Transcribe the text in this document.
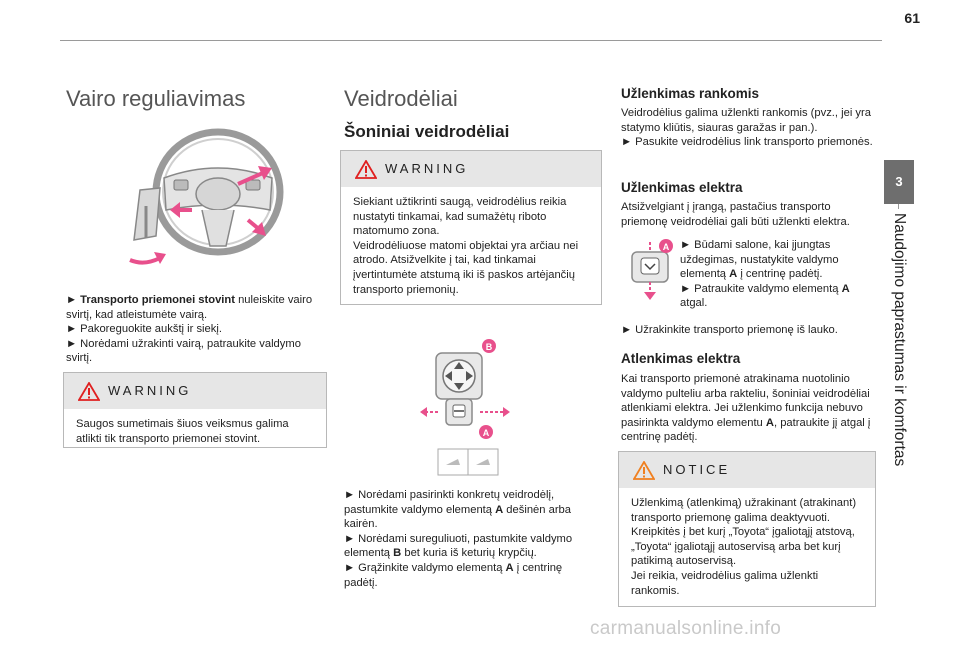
61
3
Naudojimo paprastumas ir komfortas
Vairo reguliavimas

► Transporto priemonei stovint nuleiskite vairo svirtį, kad atleistumėte vairą.

► Pakoreguokite aukštį ir siekį.

► Norėdami užrakinti vairą, patraukite valdymo svirtį.

WARNING
Saugos sumetimais šiuos veiksmus galima atlikti tik transporto priemonei stovint.
Veidrodėliai
Šoniniai veidrodėliai
WARNING
Siekiant užtikrinti saugą, veidrodėlius reikia nustatyti tinkamai, kad sumažėtų riboto matomumo zona.
Veidrodėliuose matomi objektai yra arčiau nei atrodo. Atsižvelkite į tai, kad tinkamai įvertintumėte atstumą iki iš paskos artėjančių transporto priemonių.
B
A

► Norėdami pasirinkti konkretų veidrodėlį, pastumkite valdymo elementą A dešinėn arba kairėn.

► Norėdami sureguliuoti, pastumkite valdymo elementą B bet kuria iš keturių krypčių.

► Grąžinkite valdymo elementą A į centrinę padėtį.

Užlenkimas rankomis

Veidrodėlius galima užlenkti rankomis (pvz., jei yra statymo kliūtis, siauras garažas ir pan.).

► Pasukite veidrodėlius link transporto priemonės.

Užlenkimas elektra

Atsižvelgiant į įrangą, pastačius transporto priemonę veidrodėliai gali būti užlenkti elektra.

A ► Būdami salone, kai įjungtas uždegimas, nustatykite valdymo elementą A į centrinę padėtį.

► Patraukite valdymo elementą A atgal.

► Užrakinkite transporto priemonę iš lauko.

Atlenkimas elektra

Kai transporto priemonė atrakinama nuotolinio valdymo pulteliu arba rakteliu, šoniniai veidrodėliai atlenkiami elektra. Jei užlenkimo funkcija nebuvo pasirinkta valdymo elementu A, patraukite jį atgal į centrinę padėtį.

NOTICE
Užlenkimą (atlenkimą) užrakinant (atrakinant) transporto priemonę galima deaktyvuoti.
Kreipkitės į bet kurį „Toyota“ įgaliotąjį atstovą, „Toyota“ įgaliotąjį autoservisą arba bet kurį patikimą autoservisą.
Jei reikia, veidrodėlius galima užlenkti rankomis.
carmanualsonline.info
